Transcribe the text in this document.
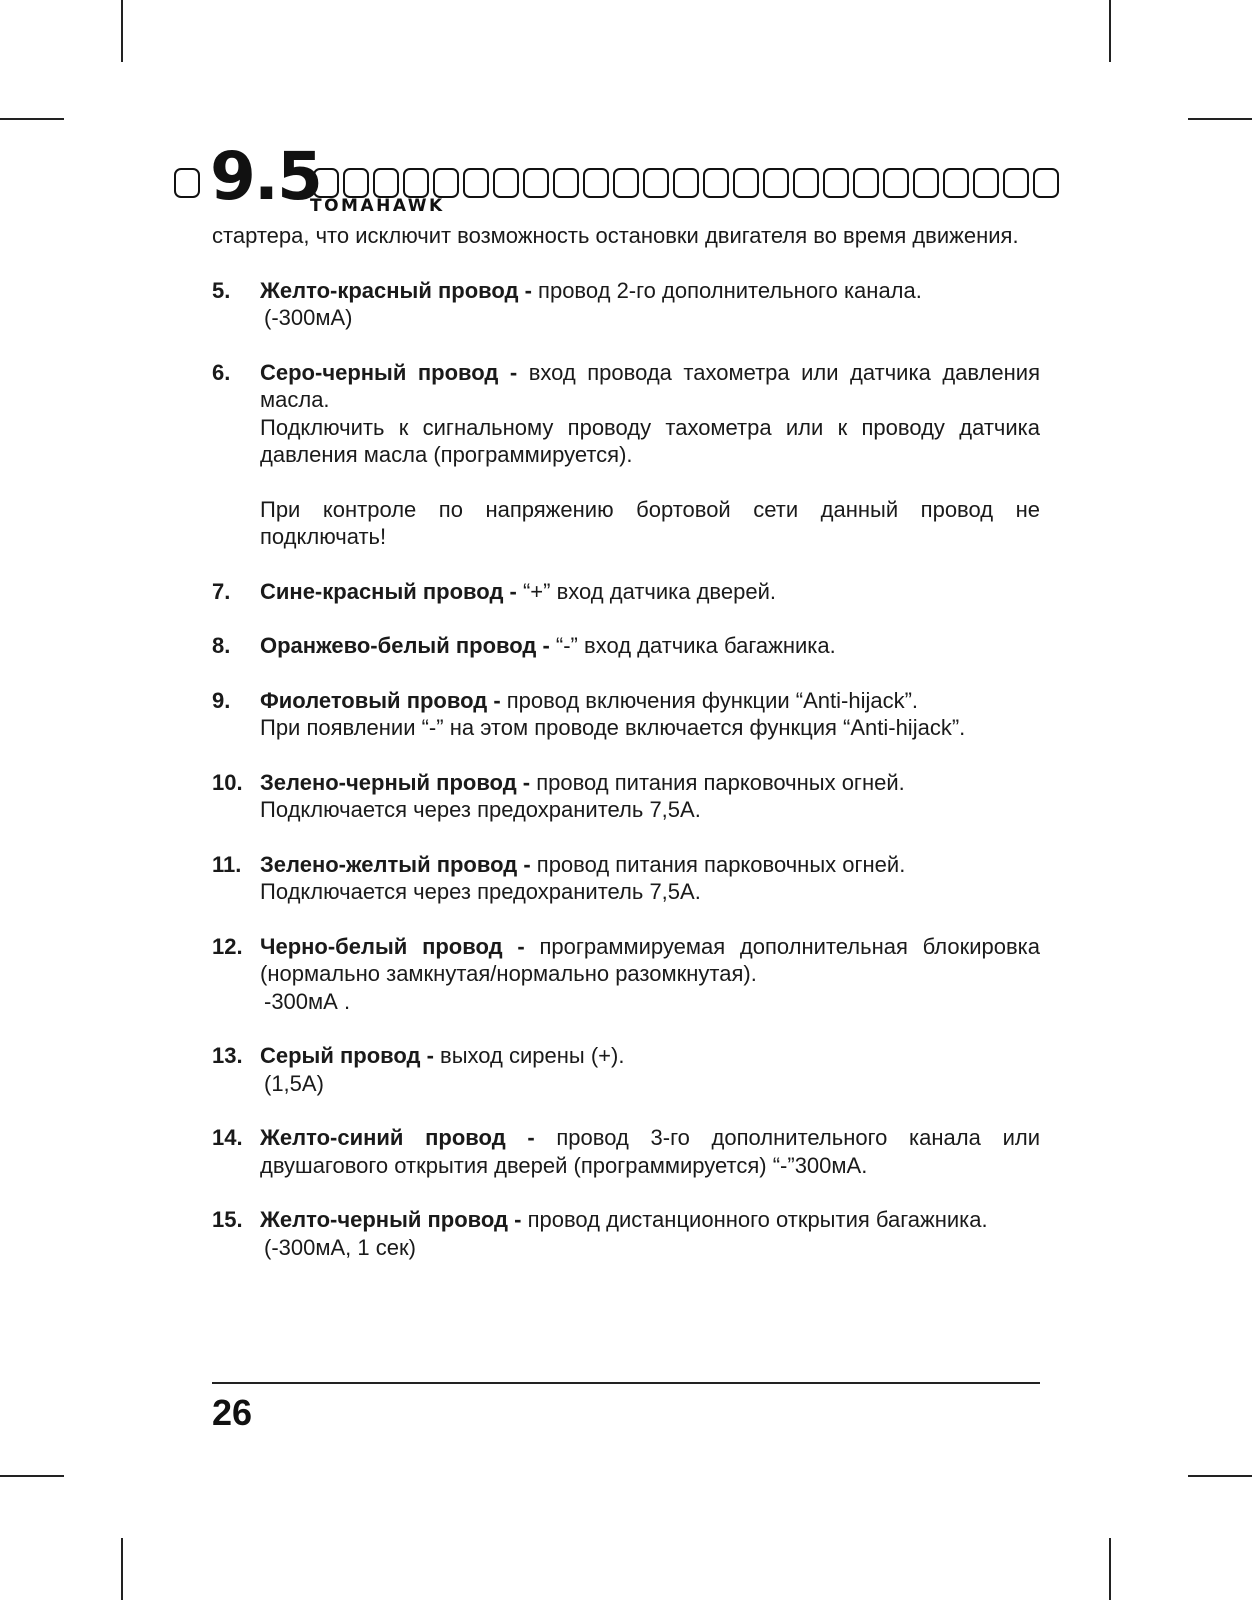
9.5
TOMAHAWK

стартера, что исключит возможность остановки двигателя во время движения.

5. Желто-красный провод - провод 2-го дополнительного канала.

(-300мА)

6. Серо-черный провод - вход провода тахометра или датчика давления масла.

Подключить к сигнальному проводу тахометра или к проводу датчика давления масла (программируется).

При контроле по напряжению бортовой сети данный провод не подключать!

7. Сине-красный провод - “+” вход датчика дверей.

8. Оранжево-белый провод - “-” вход датчика багажника.

9. Фиолетовый провод - провод включения функции “Anti-hijack”.

При появлении “-” на этом проводе включается функция “Anti-hijack”.

10. Зелено-черный провод - провод питания парковочных огней.

Подключается через предохранитель 7,5А.

11. Зелено-желтый провод - провод питания парковочных огней.

Подключается через предохранитель 7,5А.

12. Черно-белый провод - программируемая дополнительная блокировка (нормально замкнутая/нормально разомкнутая).

-300мА .

13. Серый провод - выход сирены (+).

(1,5А)

14. Желто-синий провод - провод 3-го дополнительного канала или двушагового открытия дверей (программируется) “-”300мА.

15. Желто-черный провод - провод дистанционного открытия багажника.

(-300мА, 1 сек)

26
